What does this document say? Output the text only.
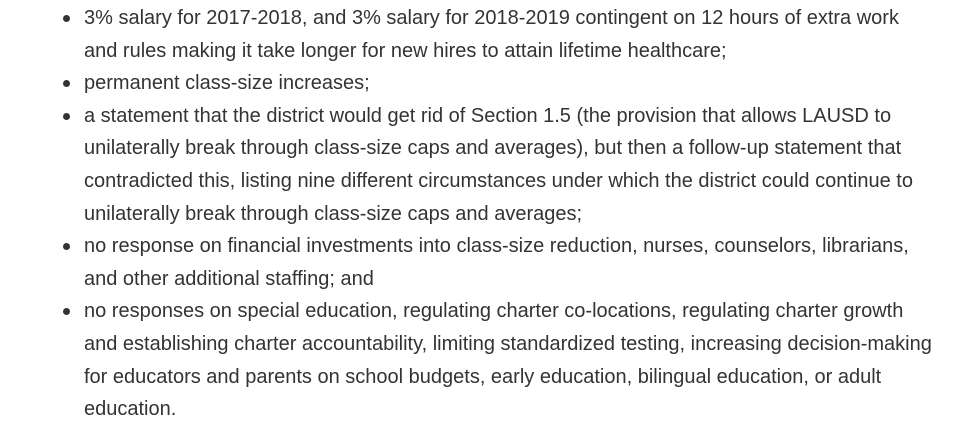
3% salary for 2017-2018, and 3% salary for 2018-2019 contingent on 12 hours of extra work and rules making it take longer for new hires to attain lifetime healthcare;
permanent class-size increases;
a statement that the district would get rid of Section 1.5 (the provision that allows LAUSD to unilaterally break through class-size caps and averages), but then a follow-up statement that contradicted this, listing nine different circumstances under which the district could continue to unilaterally break through class-size caps and averages;
no response on financial investments into class-size reduction, nurses, counselors, librarians, and other additional staffing; and
no responses on special education, regulating charter co-locations, regulating charter growth and establishing charter accountability, limiting standardized testing, increasing decision-making for educators and parents on school budgets, early education, bilingual education, or adult education.
